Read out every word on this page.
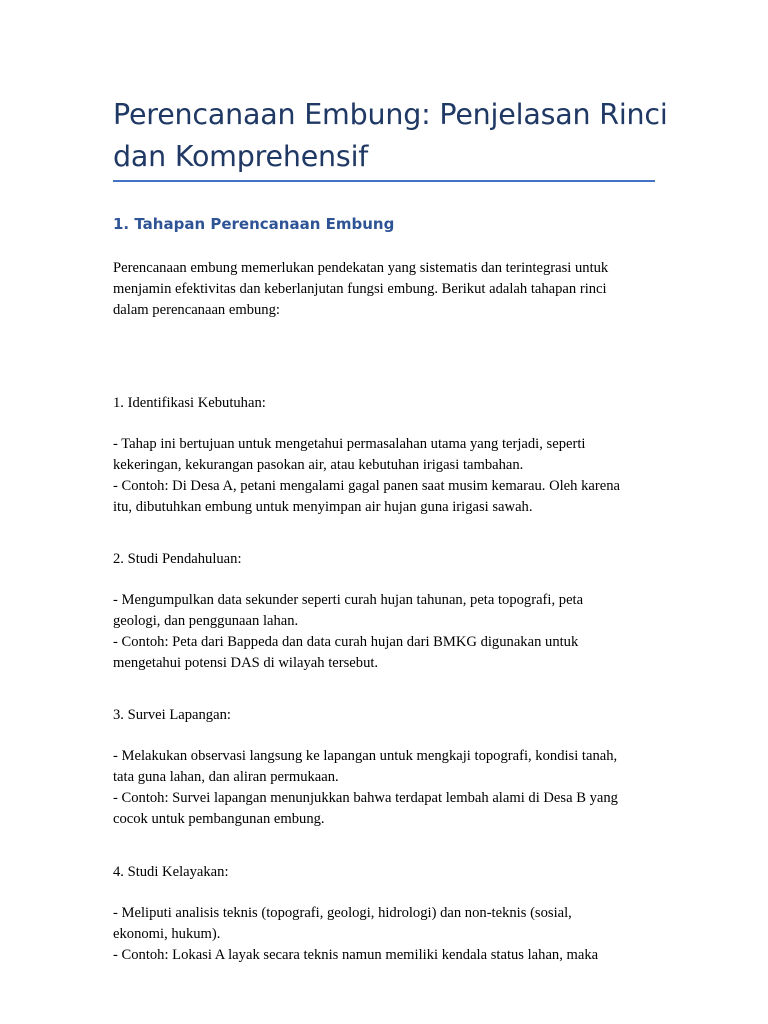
Perencanaan Embung: Penjelasan Rinci dan Komprehensif
1. Tahapan Perencanaan Embung

Perencanaan embung memerlukan pendekatan yang sistematis dan terintegrasi untuk
menjamin efektivitas dan keberlanjutan fungsi embung. Berikut adalah tahapan rinci
dalam perencanaan embung:

1. Identifikasi Kebutuhan:

- Tahap ini bertujuan untuk mengetahui permasalahan utama yang terjadi, seperti
kekeringan, kekurangan pasokan air, atau kebutuhan irigasi tambahan.
- Contoh: Di Desa A, petani mengalami gagal panen saat musim kemarau. Oleh karena
itu, dibutuhkan embung untuk menyimpan air hujan guna irigasi sawah.

2. Studi Pendahuluan:

- Mengumpulkan data sekunder seperti curah hujan tahunan, peta topografi, peta
geologi, dan penggunaan lahan.
- Contoh: Peta dari Bappeda dan data curah hujan dari BMKG digunakan untuk
mengetahui potensi DAS di wilayah tersebut.

3. Survei Lapangan:

- Melakukan observasi langsung ke lapangan untuk mengkaji topografi, kondisi tanah,
tata guna lahan, dan aliran permukaan.
- Contoh: Survei lapangan menunjukkan bahwa terdapat lembah alami di Desa B yang
cocok untuk pembangunan embung.

4. Studi Kelayakan:

- Meliputi analisis teknis (topografi, geologi, hidrologi) dan non-teknis (sosial,
ekonomi, hukum).
- Contoh: Lokasi A layak secara teknis namun memiliki kendala status lahan, maka
